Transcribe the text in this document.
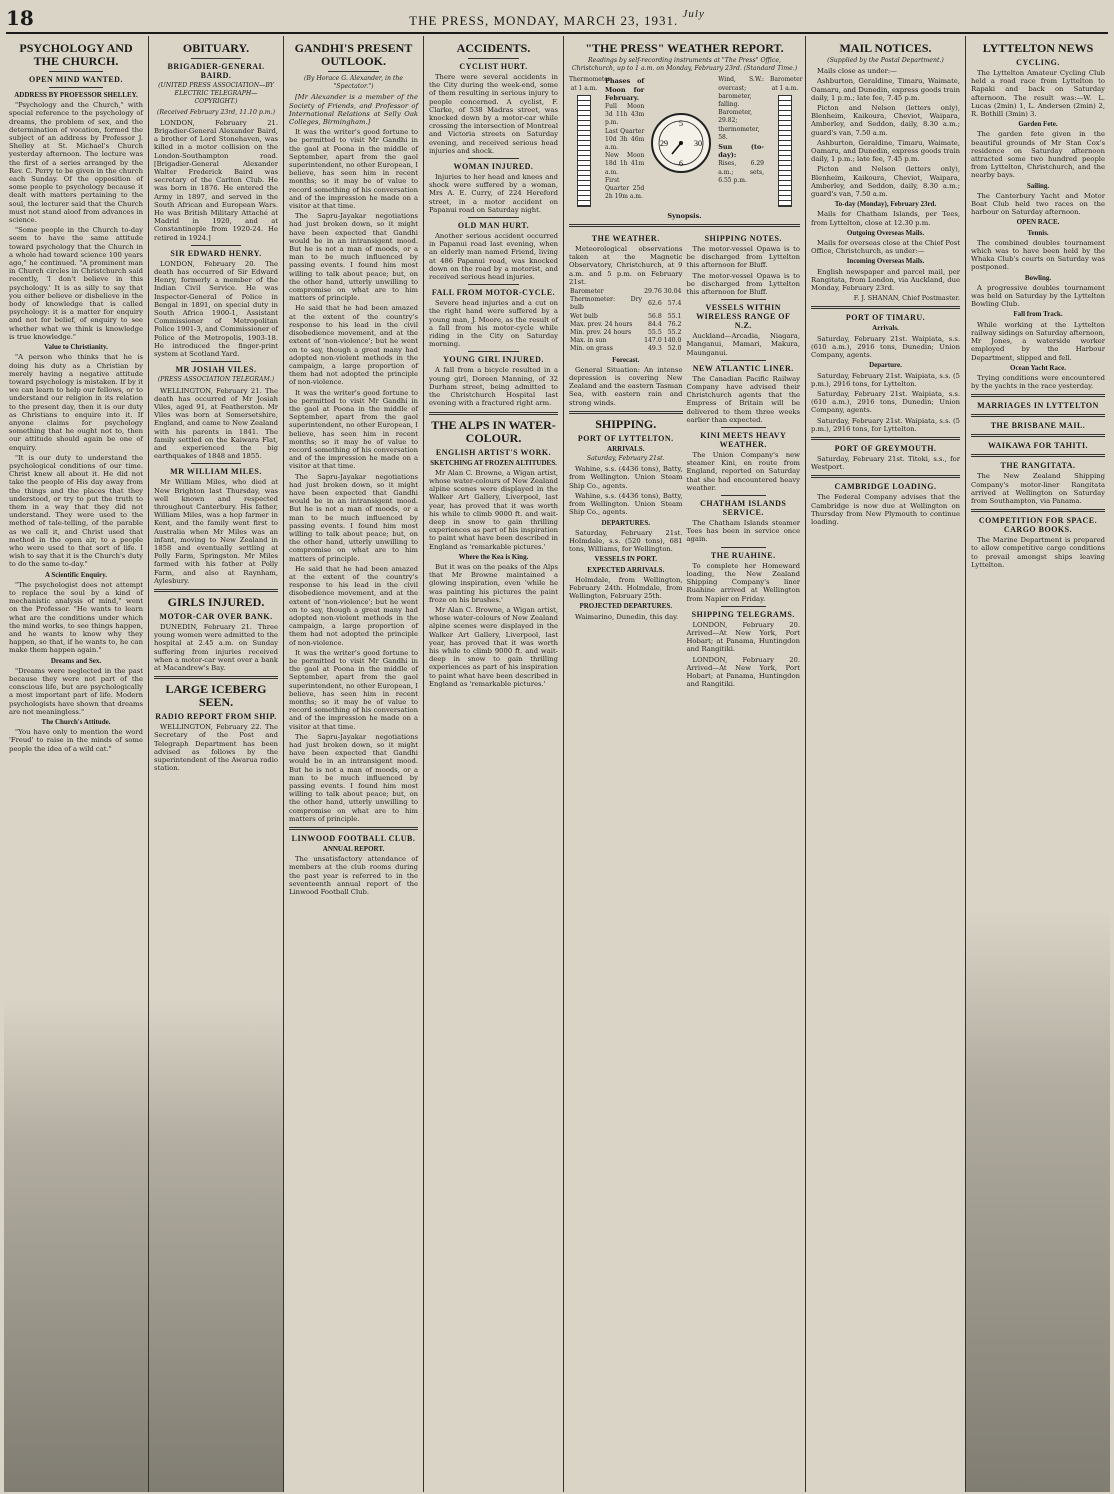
18	THE PRESS, MONDAY, MARCH 23, 1931. $^{July}$
PSYCHOLOGY AND THE CHURCH.
OPEN MIND WANTED.
ADDRESS BY PROFESSOR SHELLEY.

"Psychology and the Church," with special reference to the psychology of dreams, the problem of sex, and the determination of vocation, formed the subject of an address by Professor J. Shelley at St. Michael's Church yesterday afternoon. The lecture was the first of a series arranged by the Rev. C. Perry to be given in the church each Sunday. Of the opposition of some people to psychology because it dealt with matters pertaining to the soul, the lecturer said that the Church must not stand aloof from advances in science.

"Some people in the Church to-day seem to have the same attitude toward psychology that the Church in a whole had toward science 100 years ago," he continued. "A prominent man in Church circles in Christchurch said recently, 'I don't believe in this psychology.' It is as silly to say that you either believe or disbelieve in the body of knowledge that is called psychology: it is a matter for enquiry and not for belief, of enquiry to see whether what we think is knowledge is true knowledge."

Value to Christianity.

"A person who thinks that he is doing his duty as a Christian by merely having a negative attitude toward psychology is mistaken. If by it we can learn to help our fellows, or to understand our religion in its relation to the present day, then it is our duty as Christians to enquire into it. If anyone claims for psychology something that he ought not to, then our attitude should again be one of enquiry.

"It is our duty to understand the psychological conditions of our time. Christ knew all about it. He did not take the people of His day away from the things and the places that they understood, or try to put the truth to them in a way that they did not understand. They were used to the method of tale-telling, of the parable as we call it, and Christ used that method in the open air, to a people who were used to that sort of life. I wish to say that it is the Church's duty to do the same to-day."

A Scientific Enquiry.

"The psychologist does not attempt to replace the soul by a kind of mechanistic analysis of mind," went on the Professor. "He wants to learn what are the conditions under which the mind works, to see things happen, and he wants to know why they happen, so that, if he wants to, he can make them happen again."

Dreams and Sex.

"Dreams were neglected in the past because they were not part of the conscious life, but are psychologically a most important part of life. Modern psychologists have shown that dreams are not meaningless."

The Church's Attitude.

"You have only to mention the word 'Freud' to raise in the minds of some people the idea of a wild cat."

OBITUARY.
BRIGADIER-GENERAL BAIRD.
(UNITED PRESS ASSOCIATION—BY ELECTRIC TELEGRAPH—COPYRIGHT.)
(Received February 23rd, 11.10 p.m.)

LONDON, February 21. Brigadier-General Alexander Baird, a brother of Lord Stonehaven, was killed in a motor collision on the London-Southampton road. [Brigadier-General Alexander Walter Frederick Baird was secretary of the Carlton Club. He was born in 1876. He entered the Army in 1897, and served in the South African and European Wars. He was British Military Attaché at Madrid in 1920, and at Constantinople from 1920-24. He retired in 1924.]

SIR EDWARD HENRY.

LONDON, February 20. The death has occurred of Sir Edward Henry, formerly a member of the Indian Civil Service. He was Inspector-General of Police in Bengal in 1891, on special duty in South Africa 1900-1, Assistant Commissioner of Metropolitan Police 1901-3, and Commissioner of Police of the Metropolis, 1903-18. He introduced the finger-print system at Scotland Yard.

MR JOSIAH VILES.
(PRESS ASSOCIATION TELEGRAM.)

WELLINGTON, February 21. The death has occurred of Mr Josiah Viles, aged 91, at Featherston. Mr Viles was born at Somersetshire, England, and came to New Zealand with his parents in 1841. The family settled on the Kaiwara Flat, and experienced the big earthquakes of 1848 and 1855.

MR WILLIAM MILES.

Mr William Miles, who died at New Brighton last Thursday, was well known and respected throughout Canterbury. His father, William Miles, was a hop farmer in Kent, and the family went first to Australia when Mr Miles was an infant, moving to New Zealand in 1858 and eventually settling at Polly Farm, Springston. Mr Miles farmed with his father at Polly Farm, and also at Raynham, Aylesbury.

GIRLS INJURED.
MOTOR-CAR OVER BANK.

DUNEDIN, February 21. Three young women were admitted to the hospital at 2.45 a.m. on Sunday suffering from injuries received when a motor-car went over a bank at Macandrew's Bay.

LARGE ICEBERG SEEN.
RADIO REPORT FROM SHIP.

WELLINGTON, February 22. The Secretary of the Post and Telegraph Department has been advised as follows by the superintendent of the Awarua radio station.

GANDHI'S PRESENT OUTLOOK.
(By Horace G. Alexander, in the "Spectator.")

[Mr Alexander is a member of the Society of Friends, and Professor of International Relations at Selly Oak Colleges, Birmingham.]

It was the writer's good fortune to be permitted to visit Mr Gandhi in the gaol at Poona in the middle of September, apart from the gaol superintendent, no other European, I believe, has seen him in recent months; so it may be of value to record something of his conversation and of the impression he made on a visitor at that time.

The Sapru-Jayakar negotiations had just broken down, so it might have been expected that Gandhi would be in an intransigent mood. But he is not a man of moods, or a man to be much influenced by passing events. I found him most willing to talk about peace; but, on the other hand, utterly unwilling to compromise on what are to him matters of principle.

He said that he had been amazed at the extent of the country's response to his lead in the civil disobedience movement, and at the extent of 'non-violence'; but he went on to say, though a great many had adopted non-violent methods in the campaign, a large proportion of them had not adopted the principle of non-violence.

It was the writer's good fortune to be permitted to visit Mr Gandhi in the gaol at Poona in the middle of September, apart from the gaol superintendent, no other European, I believe, has seen him in recent months; so it may be of value to record something of his conversation and of the impression he made on a visitor at that time.

The Sapru-Jayakar negotiations had just broken down, so it might have been expected that Gandhi would be in an intransigent mood. But he is not a man of moods, or a man to be much influenced by passing events. I found him most willing to talk about peace; but, on the other hand, utterly unwilling to compromise on what are to him matters of principle.

He said that he had been amazed at the extent of the country's response to his lead in the civil disobedience movement, and at the extent of 'non-violence'; but he went on to say, though a great many had adopted non-violent methods in the campaign, a large proportion of them had not adopted the principle of non-violence.

It was the writer's good fortune to be permitted to visit Mr Gandhi in the gaol at Poona in the middle of September, apart from the gaol superintendent, no other European, I believe, has seen him in recent months; so it may be of value to record something of his conversation and of the impression he made on a visitor at that time.

The Sapru-Jayakar negotiations had just broken down, so it might have been expected that Gandhi would be in an intransigent mood. But he is not a man of moods, or a man to be much influenced by passing events. I found him most willing to talk about peace; but, on the other hand, utterly unwilling to compromise on what are to him matters of principle.

LINWOOD FOOTBALL CLUB.
ANNUAL REPORT.

The unsatisfactory attendance of members at the club rooms during the past year is referred to in the seventeenth annual report of the Linwood Football Club.

ACCIDENTS.
CYCLIST HURT.

There were several accidents in the City during the week-end, some of them resulting in serious injury to people concerned. A cyclist, F. Clarke, of 538 Madras street, was knocked down by a motor-car while crossing the intersection of Montreal and Victoria streets on Saturday evening, and received serious head injuries and shock.

WOMAN INJURED.

Injuries to her head and knees and shock were suffered by a woman, Mrs A. E. Curry, of 224 Hereford street, in a motor accident on Papanui road on Saturday night.

OLD MAN HURT.

Another serious accident occurred in Papanui road last evening, when an elderly man named Friend, living at 486 Papanui road, was knocked down on the road by a motorist, and received serious head injuries.

FALL FROM MOTOR-CYCLE.

Severe head injuries and a cut on the right hand were suffered by a young man, J. Moore, as the result of a fall from his motor-cycle while riding in the City on Saturday morning.

YOUNG GIRL INJURED.

A fall from a bicycle resulted in a young girl, Doreen Manning, of 32 Durham street, being admitted to the Christchurch Hospital last evening with a fractured right arm.

THE ALPS IN WATER-COLOUR.
ENGLISH ARTIST'S WORK.
SKETCHING AT FROZEN ALTITUDES.

Mr Alan C. Browne, a Wigan artist, whose water-colours of New Zealand alpine scenes were displayed in the Walker Art Gallery, Liverpool, last year, has proved that it was worth his while to climb 9000 ft. and wait-deep in snow to gain thrilling experiences as part of his inspiration to paint what have been described in England as 'remarkable pictures.'

Where the Kea is King.

But it was on the peaks of the Alps that Mr Browne maintained a glowing inspiration, even 'while he was painting his pictures the paint froze on his brushes.'

Mr Alan C. Browne, a Wigan artist, whose water-colours of New Zealand alpine scenes were displayed in the Walker Art Gallery, Liverpool, last year, has proved that it was worth his while to climb 9000 ft. and wait-deep in snow to gain thrilling experiences as part of his inspiration to paint what have been described in England as 'remarkable pictures.'

"THE PRESS" WEATHER REPORT.
Readings by self-recording instruments at "The Press" Office, Christchurch, up to 1 a.m. on Monday, February 23rd. (Standard Time.)
Thermometer at 1 a.m.
Phases of Moon for February.
Full Moon 3d 11h 43m p.m.
Last Quarter 10d 3h 46m a.m.
New Moon 18d 1h 41m a.m.
First Quarter 25d 2h 19m a.m.
5
30
6
29
Wind, S.W.: overcast; barometer, falling.
Barometer, 29.82; thermometer, 58.
Sun (to-day):
Rises, 6.29 a.m.; sets, 6.55 p.m.
Barometer at 1 a.m.
Synopsis.
THE WEATHER.

Meteorological observations taken at the Magnetic Observatory, Christchurch, at 9 a.m. and 5 p.m. on February 21st.

Barometer	29.76	30.04
Thermometer: Dry bulb	62.6	57.4
Wet bulb	56.8	55.1
Max. prev. 24 hours	84.4	76.2
Min. prev. 24 hours	55.5	55.2
Max. in sun	147.0	140.0
Min. on grass	49.3	52.0
Forecast.

General Situation: An intense depression is covering New Zealand and the eastern Tasman Sea, with eastern rain and strong winds.

SHIPPING.
PORT OF LYTTELTON.
ARRIVALS.
Saturday, February 21st.

Wahine, s.s. (4436 tons), Batty, from Wellington. Union Steam Ship Co., agents.

Wahine, s.s. (4436 tons), Batty, from Wellington. Union Steam Ship Co., agents.

DEPARTURES.

Saturday, February 21st. Holmdale, s.s. (520 tons), 681 tons, Williams, for Wellington.

VESSELS IN PORT.
EXPECTED ARRIVALS.

Holmdale, from Wellington, February 24th. Holmdale, from Wellington, February 25th.

PROJECTED DEPARTURES.

Waimarino, Dunedin, this day.

SHIPPING NOTES.

The motor-vessel Opawa is to be discharged from Lyttelton this afternoon for Bluff.

The motor-vessel Opawa is to be discharged from Lyttelton this afternoon for Bluff.

VESSELS WITHIN WIRELESS RANGE OF N.Z.

Auckland—Arcadia, Niagara, Manganui, Mamari, Makura, Maunganui.

NEW ATLANTIC LINER.

The Canadian Pacific Railway Company have advised their Christchurch agents that the Empress of Britain will be delivered to them three weeks earlier than expected.

KINI MEETS HEAVY WEATHER.

The Union Company's new steamer Kini, en route from England, reported on Saturday that she had encountered heavy weather.

CHATHAM ISLANDS SERVICE.

The Chatham Islands steamer Tees has been in service once again.

THE RUAHINE.

To complete her Homeward loading, the New Zealand Shipping Company's liner Ruahine arrived at Wellington from Napier on Friday.

SHIPPING TELEGRAMS.

LONDON, February 20. Arrived—At New York, Port Hobart; at Panama, Huntingdon and Rangitiki.

LONDON, February 20. Arrived—At New York, Port Hobart; at Panama, Huntingdon and Rangitiki.

MAIL NOTICES.
(Supplied by the Postal Department.)

Mails close as under:—

Ashburton, Geraldine, Timaru, Waimate, Oamaru, and Dunedin, express goods train daily, 1 p.m.; late fee, 7.45 p.m.

Picton and Nelson (letters only), Blenheim, Kaikoura, Cheviot, Waipara, Amberley, and Seddon, daily, 8.30 a.m.; guard's van, 7.50 a.m.

Ashburton, Geraldine, Timaru, Waimate, Oamaru, and Dunedin, express goods train daily, 1 p.m.; late fee, 7.45 p.m.

Picton and Nelson (letters only), Blenheim, Kaikoura, Cheviot, Waipara, Amberley, and Seddon, daily, 8.30 a.m.; guard's van, 7.50 a.m.

To-day (Monday), February 23rd.

Mails for Chatham Islands, per Tees, from Lyttelton, close at 12.30 p.m.

Outgoing Overseas Mails.

Mails for overseas close at the Chief Post Office, Christchurch, as under:—

Incoming Overseas Mails.

English newspaper and parcel mail, per Rangitata, from London, via Auckland, due Monday, February 23rd.

F. J. SHANAN, Chief Postmaster.
PORT OF TIMARU.
Arrivals.

Saturday, February 21st. Waipiata, s.s. (610 a.m.), 2916 tons, Dunedin; Union Company, agents.

Departure.

Saturday, February 21st. Waipiata, s.s. (5 p.m.), 2916 tons, for Lyttelton.

Saturday, February 21st. Waipiata, s.s. (610 a.m.), 2916 tons, Dunedin; Union Company, agents.

Saturday, February 21st. Waipiata, s.s. (5 p.m.), 2916 tons, for Lyttelton.

PORT OF GREYMOUTH.

Saturday, February 21st. Titoki, s.s., for Westport.

CAMBRIDGE LOADING.

The Federal Company advises that the Cambridge is now due at Wellington on Thursday from New Plymouth to continue loading.

LYTTELTON NEWS
CYCLING.

The Lyttelton Amateur Cycling Club held a road race from Lyttelton to Rapaki and back on Saturday afternoon. The result was:—W. L. Lucas (2min) 1, L. Andersen (2min) 2, R. Bothill (3min) 3.

Garden Fete.

The garden fete given in the beautiful grounds of Mr Stan Cox's residence on Saturday afternoon attracted some two hundred people from Lyttelton, Christchurch, and the nearby bays.

Sailing.

The Canterbury Yacht and Motor Boat Club held two races on the harbour on Saturday afternoon.

OPEN RACE.
Tennis.

The combined doubles tournament which was to have been held by the Whaka Club's courts on Saturday was postponed.

Bowling.

A progressive doubles tournament was held on Saturday by the Lyttelton Bowling Club.

Fall from Track.

While working at the Lyttelton railway sidings on Saturday afternoon, Mr Jones, a waterside worker employed by the Harbour Department, slipped and fell.

Ocean Yacht Race.

Trying conditions were encountered by the yachts in the race yesterday.

MARRIAGES IN LYTTELTON
THE BRISBANE MAIL.
WAIKAWA FOR TAHITI.
THE RANGITATA.

The New Zealand Shipping Company's motor-liner Rangitata arrived at Wellington on Saturday from Southampton, via Panama.

COMPETITION FOR SPACE. CARGO BOOKS.

The Marine Department is prepared to allow competitive cargo conditions to prevail amongst ships leaving Lyttelton.
